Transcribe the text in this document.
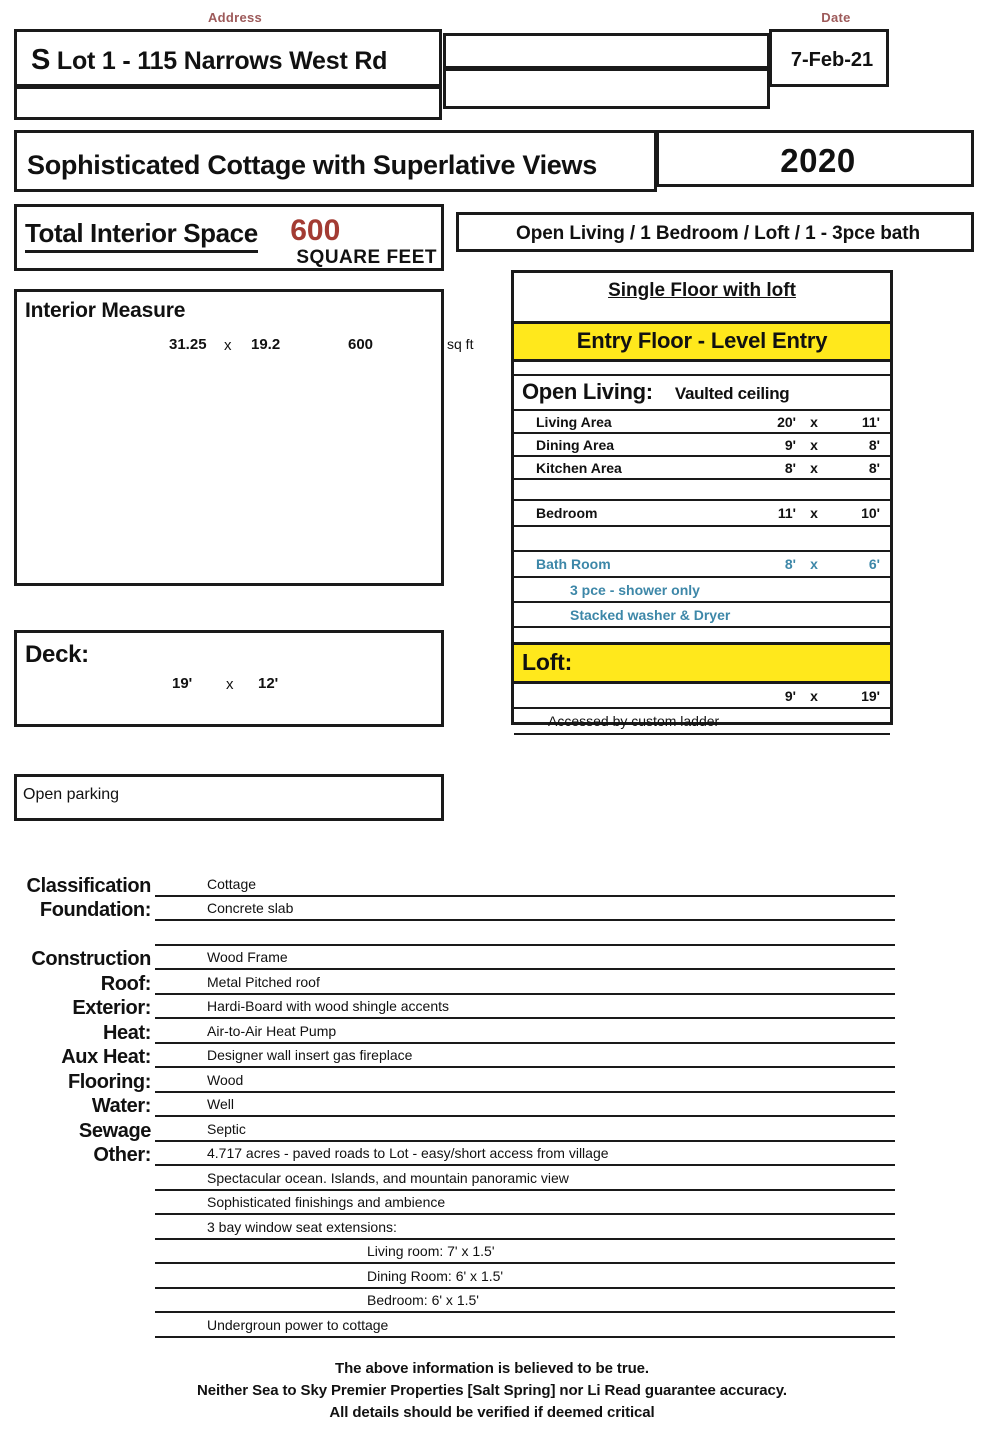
Address	Date
S Lot 1 - 115 Narrows West Rd	7-Feb-21
Sophisticated Cottage with Superlative Views	2020
Total Interior Space 600
SQUARE FEET
Open Living / 1 Bedroom / Loft / 1 - 3pce bath
Interior Measure
31.25 x 19.2	600	sq ft
Deck:
19' x 12'
Open parking
Single Floor with loft
Entry Floor - Level Entry
Open Living: Vaulted ceiling
Living Area	20'	x	11'
Dining Area	9'	x	8'
Kitchen Area	8'	x	8'
Bedroom	11'	x	10'
Bath Room	8'	x	6'
3 pce - shower only
Stacked washer & Dryer
Loft:
9'	x	19'
Accessed by custom ladder
Classification	Cottage
Foundation:	Concrete slab
Construction	Wood Frame
Roof:	Metal Pitched roof
Exterior:	Hardi-Board with wood shingle accents
Heat:	Air-to-Air Heat Pump
Aux Heat:	Designer wall insert gas fireplace
Flooring:	Wood
Water:	Well
Sewage	Septic
Other:	4.717 acres - paved roads to Lot - easy/short access from village
Spectacular ocean. Islands, and mountain panoramic view
Sophisticated finishings and ambience
3 bay window seat extensions:
Living room: 7' x 1.5'
Dining Room: 6' x 1.5'
Bedroom: 6' x 1.5'
Undergroun power to cottage
The above information is believed to be true.
Neither Sea to Sky Premier Properties [Salt Spring] nor Li Read guarantee accuracy.
All details should be verified if deemed critical
